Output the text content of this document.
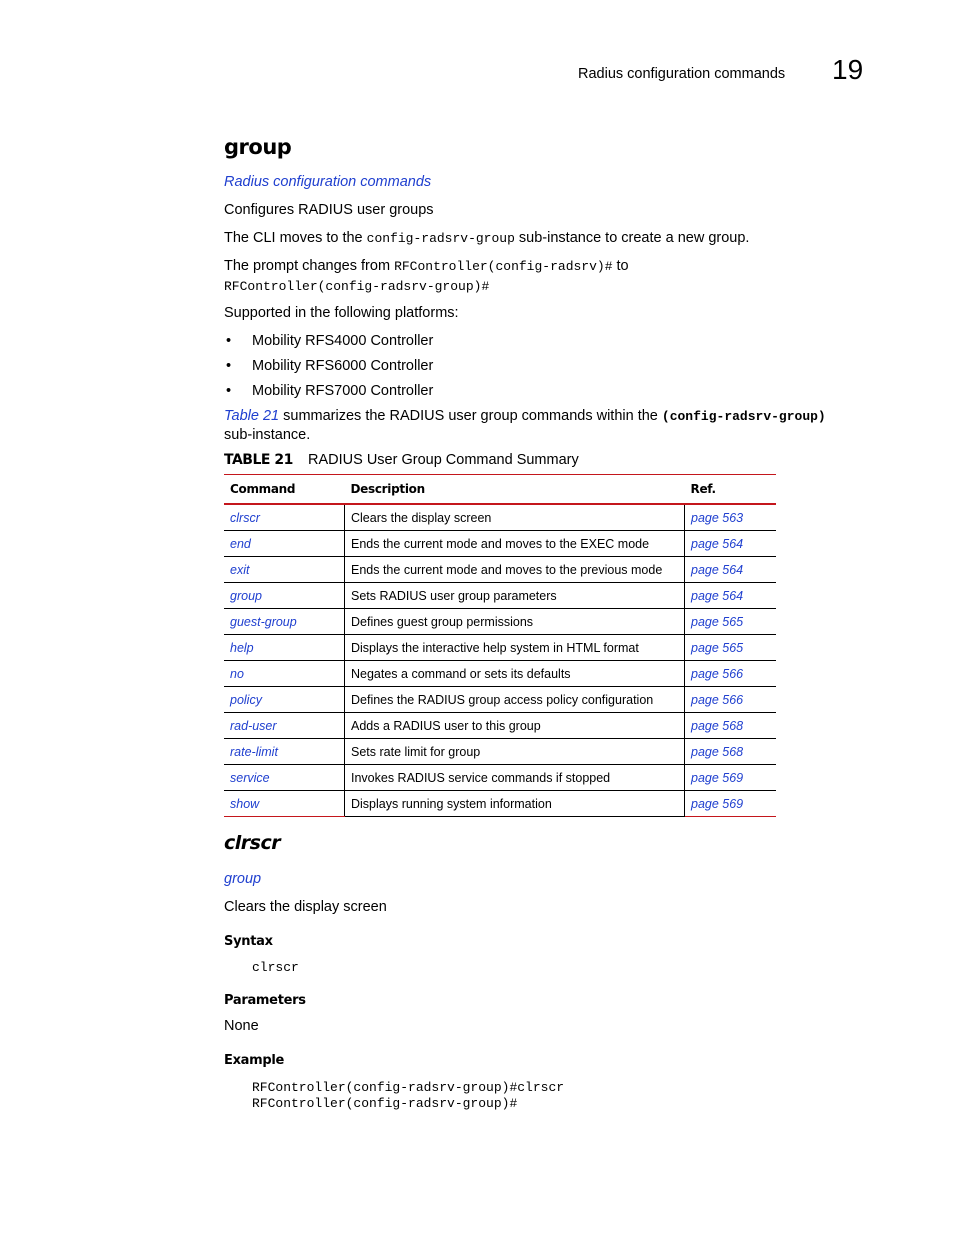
Radius configuration commands 19
group
Radius configuration commands
Configures RADIUS user groups
The CLI moves to the config-radsrv-group sub-instance to create a new group.
The prompt changes from RFController(config-radsrv)# to
RFController(config-radsrv-group)#
Supported in the following platforms:
• Mobility RFS4000 Controller
• Mobility RFS6000 Controller
• Mobility RFS7000 Controller
Table 21 summarizes the RADIUS user group commands within the (config-radsrv-group)
sub-instance.
TABLE 21 RADIUS User Group Command Summary
Command	Description	Ref.
clrscr	Clears the display screen	page 563
end	Ends the current mode and moves to the EXEC mode	page 564
exit	Ends the current mode and moves to the previous mode	page 564
group	Sets RADIUS user group parameters	page 564
guest-group	Defines guest group permissions	page 565
help	Displays the interactive help system in HTML format	page 565
no	Negates a command or sets its defaults	page 566
policy	Defines the RADIUS group access policy configuration	page 566
rad-user	Adds a RADIUS user to this group	page 568
rate-limit	Sets rate limit for group	page 568
service	Invokes RADIUS service commands if stopped	page 569
show	Displays running system information	page 569
clrscr
group
Clears the display screen
Syntax
clrscr
Parameters
None
Example
RFController(config-radsrv-group)#clrscr
RFController(config-radsrv-group)#
